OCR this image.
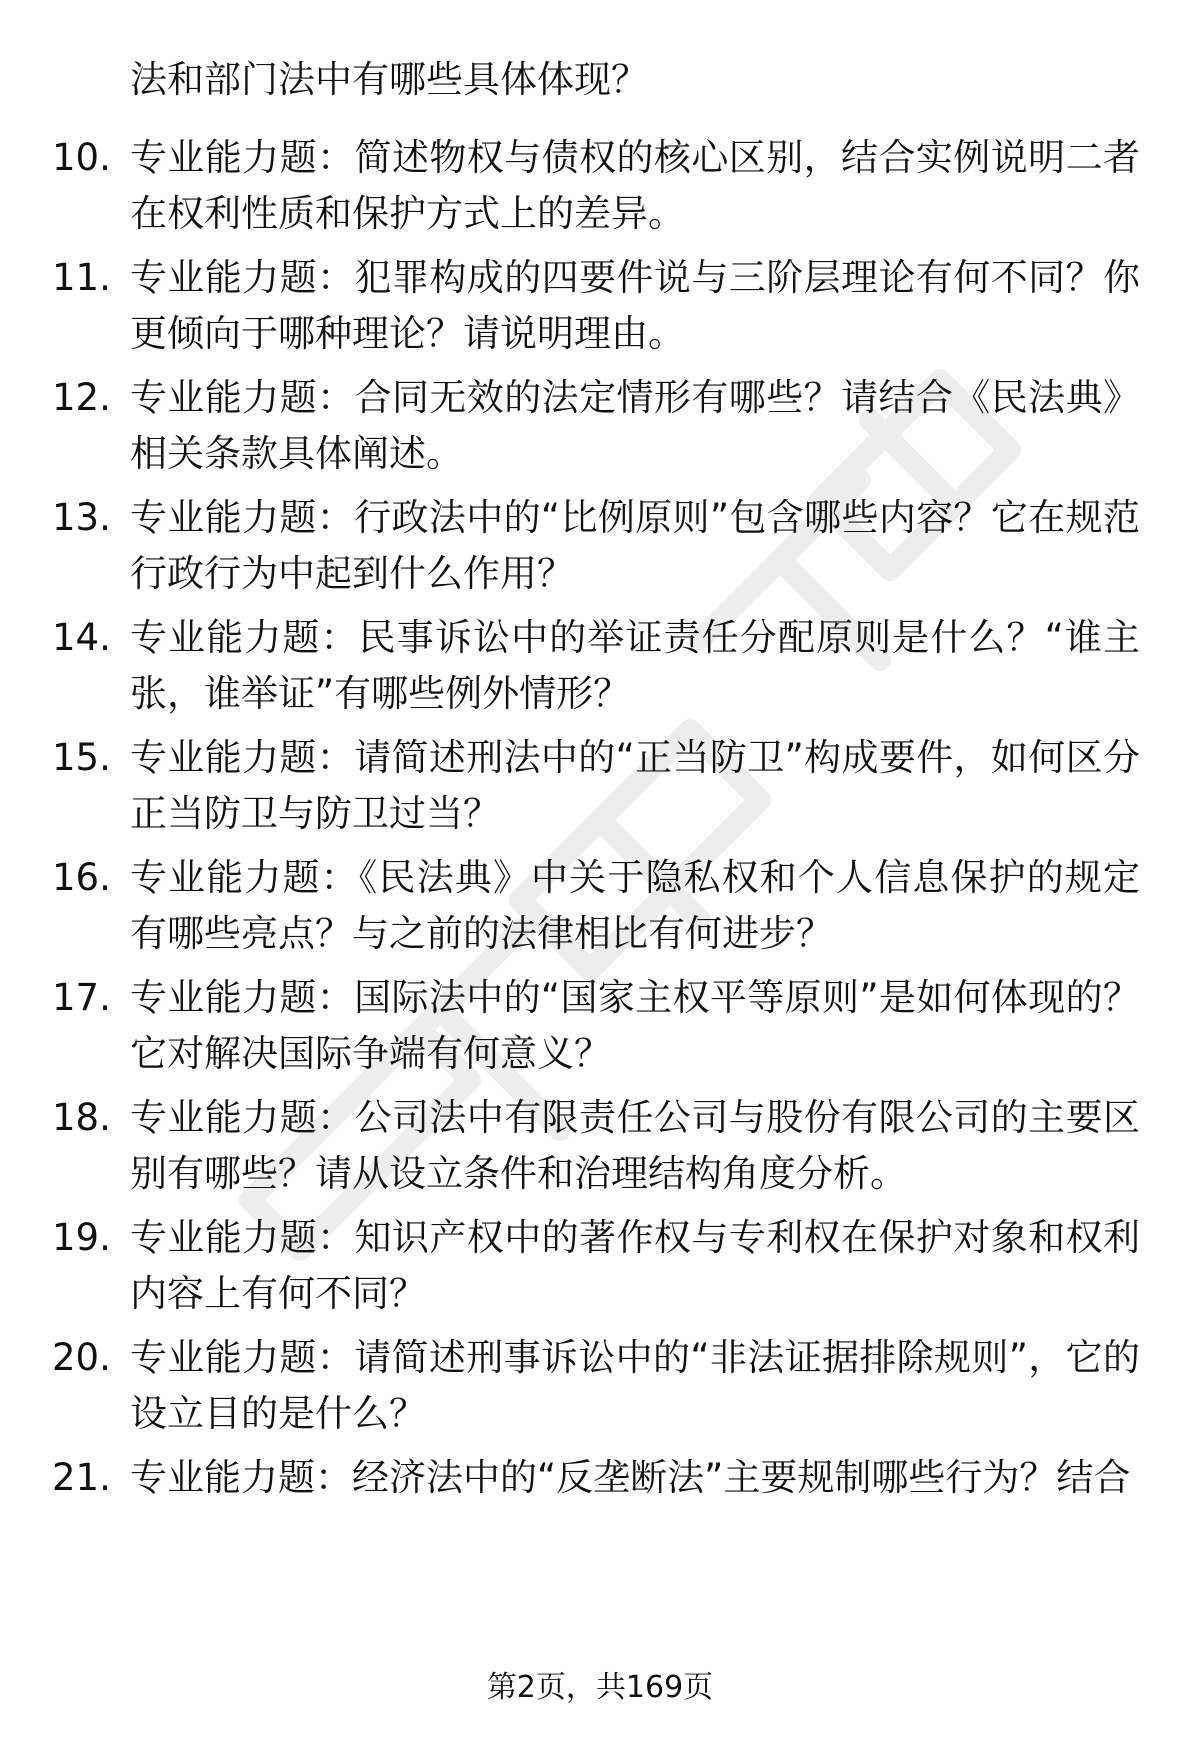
法和部门法中有哪些具体体现？
10. 专业能力题：简述物权与债权的核心区别，结合实例说明二者在权利性质和保护方式上的差异。
11. 专业能力题：犯罪构成的四要件说与三阶层理论有何不同？你更倾向于哪种理论？请说明理由。
12. 专业能力题：合同无效的法定情形有哪些？请结合《民法典》相关条款具体阐述。
13. 专业能力题：行政法中的“比例原则”包含哪些内容？它在规范行政行为中起到什么作用？
14. 专业能力题：民事诉讼中的举证责任分配原则是什么？“谁主张，谁举证”有哪些例外情形？
15. 专业能力题：请简述刑法中的“正当防卫”构成要件，如何区分正当防卫与防卫过当？
16. 专业能力题：《民法典》中关于隐私权和个人信息保护的规定有哪些亮点？与之前的法律相比有何进步？
17. 专业能力题：国际法中的“国家主权平等原则”是如何体现的？它对解决国际争端有何意义？
18. 专业能力题：公司法中有限责任公司与股份有限公司的主要区别有哪些？请从设立条件和治理结构角度分析。
19. 专业能力题：知识产权中的著作权与专利权在保护对象和权利内容上有何不同？
20. 专业能力题：请简述刑事诉讼中的“非法证据排除规则”，它的设立目的是什么？
21. 专业能力题：经济法中的“反垄断法”主要规制哪些行为？结合
第2页，共169页
